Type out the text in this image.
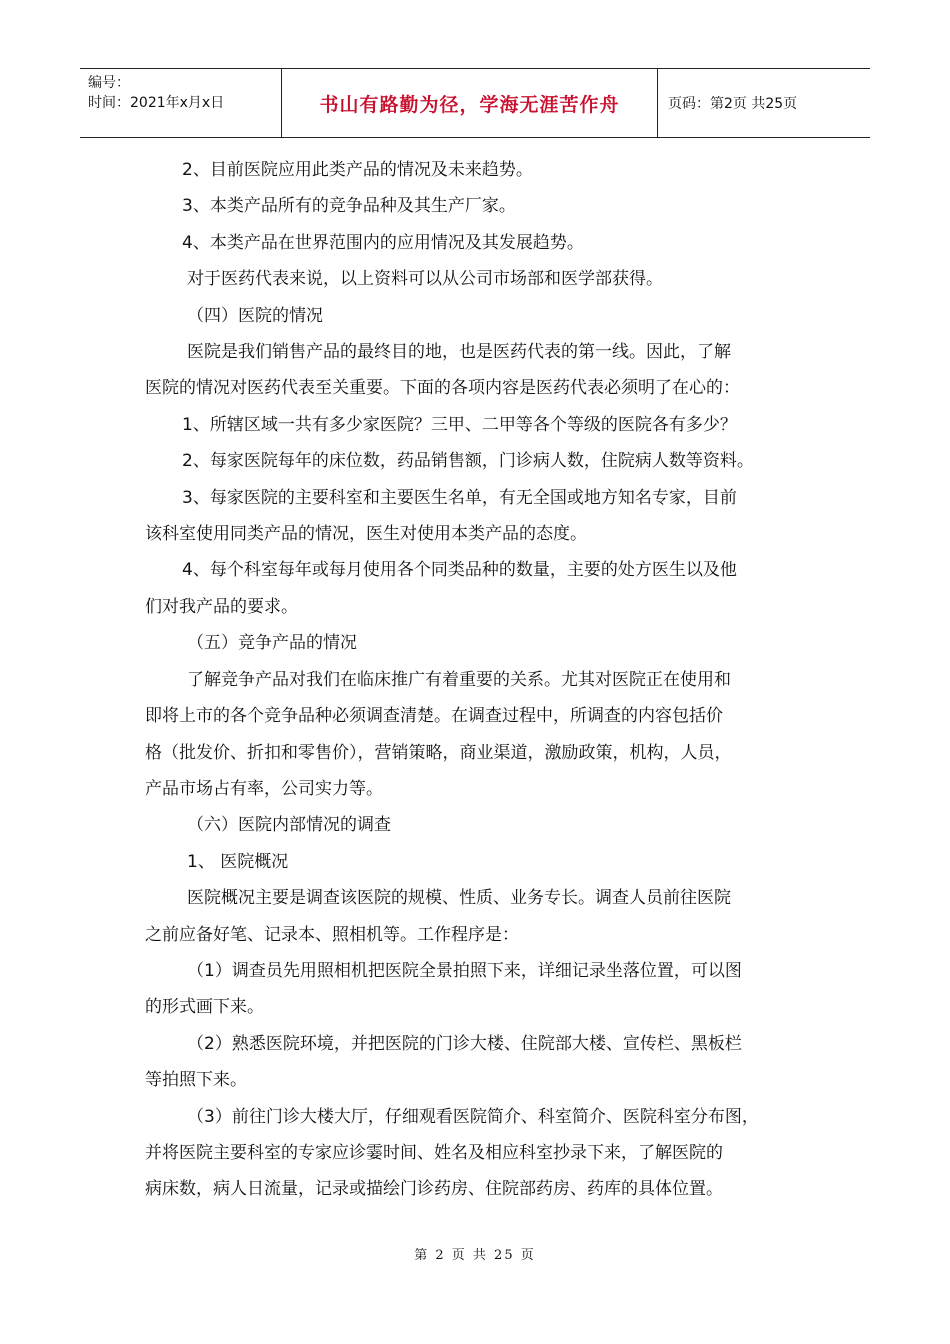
编号：
时间：2021年x月x日	书山有路勤为径，学海无涯苦作舟	页码：第2页 共25页

2、目前医院应用此类产品的情况及未来趋势。

3、本类产品所有的竞争品种及其生产厂家。

4、本类产品在世界范围内的应用情况及其发展趋势。

对于医药代表来说，以上资料可以从公司市场部和医学部获得。

（四）医院的情况

医院是我们销售产品的最终目的地，也是医药代表的第一线。因此，了解

医院的情况对医药代表至关重要。下面的各项内容是医药代表必须明了在心的：

1、所辖区域一共有多少家医院？三甲、二甲等各个等级的医院各有多少？

2、每家医院每年的床位数，药品销售额，门诊病人数，住院病人数等资料。

3、每家医院的主要科室和主要医生名单，有无全国或地方知名专家，目前

该科室使用同类产品的情况，医生对使用本类产品的态度。

4、每个科室每年或每月使用各个同类品种的数量，主要的处方医生以及他

们对我产品的要求。

（五）竞争产品的情况

了解竞争产品对我们在临床推广有着重要的关系。尤其对医院正在使用和

即将上市的各个竞争品种必须调查清楚。在调查过程中，所调查的内容包括价

格（批发价、折扣和零售价），营销策略，商业渠道，激励政策，机构，人员，

产品市场占有率，公司实力等。

（六）医院内部情况的调查

1、 医院概况

医院概况主要是调查该医院的规模、性质、业务专长。调查人员前往医院

之前应备好笔、记录本、照相机等。工作程序是：

（1）调查员先用照相机把医院全景拍照下来，详细记录坐落位置，可以图

的形式画下来。

（2）熟悉医院环境，并把医院的门诊大楼、住院部大楼、宣传栏、黑板栏

等拍照下来。

（3）前往门诊大楼大厅，仔细观看医院简介、科室简介、医院科室分布图，

并将医院主要科室的专家应诊霎时间、姓名及相应科室抄录下来，了解医院的

病床数，病人日流量，记录或描绘门诊药房、住院部药房、药库的具体位置。

第 2 页 共 25 页
